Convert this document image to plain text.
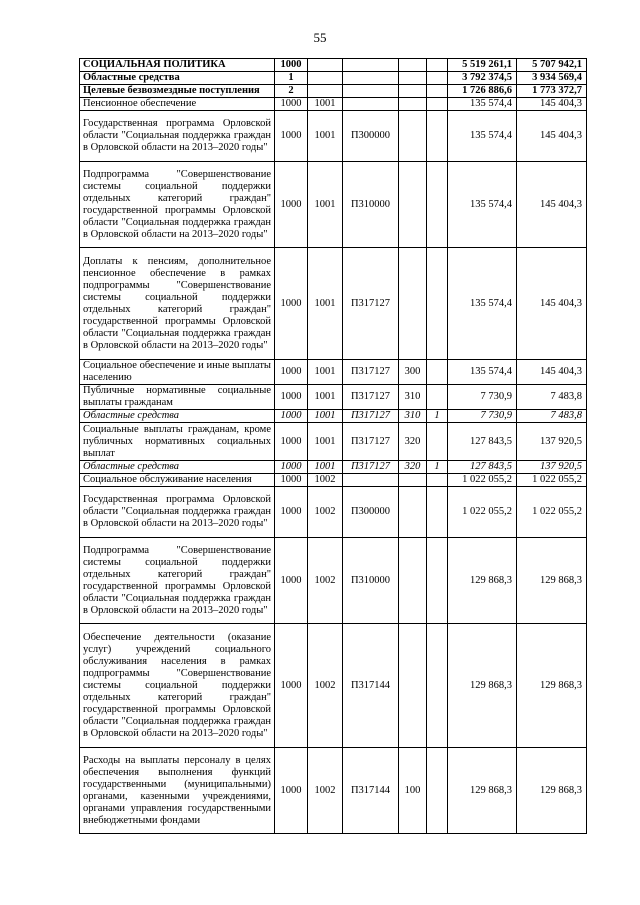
55
СОЦИАЛЬНАЯ ПОЛИТИКА	1000					5 519 261,1	5 707 942,1
Областные средства	1					3 792 374,5	3 934 569,4
Целевые безвозмездные поступления	2					1 726 886,6	1 773 372,7
Пенсионное обеспечение	1000	1001				135 574,4	145 404,3
Государственная программа Орловской области "Социальная поддержка граждан в Орловской области на 2013–2020 годы"	1000	1001	П300000			135 574,4	145 404,3
Подпрограмма "Совершенствование системы социальной поддержки отдельных категорий граждан" государственной программы Орловской области "Социальная поддержка граждан в Орловской области на 2013–2020 годы"	1000	1001	П310000			135 574,4	145 404,3
Доплаты к пенсиям, дополнительное пенсионное обеспечение в рамках подпрограммы "Совершенствование системы социальной поддержки отдельных категорий граждан" государственной программы Орловской области "Социальная поддержка граждан в Орловской области на 2013–2020 годы"	1000	1001	П317127			135 574,4	145 404,3
Социальное обеспечение и иные выплаты населению	1000	1001	П317127	300		135 574,4	145 404,3
Публичные нормативные социальные выплаты гражданам	1000	1001	П317127	310		7 730,9	7 483,8
Областные средства	1000	1001	П317127	310	1	7 730,9	7 483,8
Социальные выплаты гражданам, кроме публичных нормативных социальных выплат	1000	1001	П317127	320		127 843,5	137 920,5
Областные средства	1000	1001	П317127	320	1	127 843,5	137 920,5
Социальное обслуживание населения	1000	1002				1 022 055,2	1 022 055,2
Государственная программа Орловской области "Социальная поддержка граждан в Орловской области на 2013–2020 годы"	1000	1002	П300000			1 022 055,2	1 022 055,2
Подпрограмма "Совершенствование системы социальной поддержки отдельных категорий граждан" государственной программы Орловской области "Социальная поддержка граждан в Орловской области на 2013–2020 годы"	1000	1002	П310000			129 868,3	129 868,3
Обеспечение деятельности (оказание услуг) учреждений социального обслуживания населения в рамках подпрограммы "Совершенствование системы социальной поддержки отдельных категорий граждан" государственной программы Орловской области "Социальная поддержка граждан в Орловской области на 2013–2020 годы"	1000	1002	П317144			129 868,3	129 868,3
Расходы на выплаты персоналу в целях обеспечения выполнения функций государственными (муниципальными) органами, казенными учреждениями, органами управления государственными внебюджетными фондами	1000	1002	П317144	100		129 868,3	129 868,3
